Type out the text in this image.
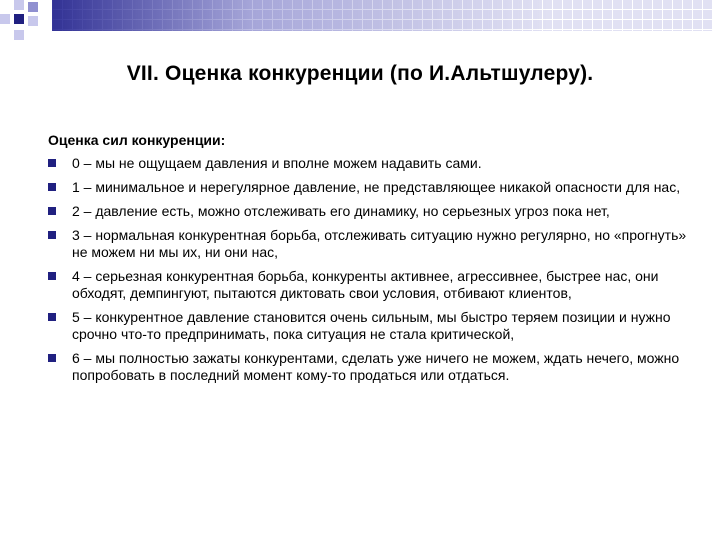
VII. Оценка конкуренции (по И.Альтшулеру).
Оценка сил конкуренции:
0 – мы не ощущаем давления и вполне можем надавить сами.
1 – минимальное и нерегулярное давление, не представляющее никакой опасности для нас,
2 – давление есть, можно отслеживать его динамику, но серьезных угроз пока нет,
3 – нормальная конкурентная борьба, отслеживать ситуацию нужно регулярно, но «прогнуть» не можем ни мы их, ни они нас,
4 – серьезная конкурентная борьба, конкуренты активнее, агрессивнее, быстрее нас, они обходят, демпингуют, пытаются диктовать свои условия, отбивают клиентов,
5 – конкурентное давление становится очень сильным, мы быстро теряем позиции и нужно срочно что-то предпринимать, пока ситуация не стала критической,
6 – мы полностью зажаты конкурентами, сделать уже ничего не можем, ждать нечего, можно попробовать в последний момент кому-то продаться или отдаться.
